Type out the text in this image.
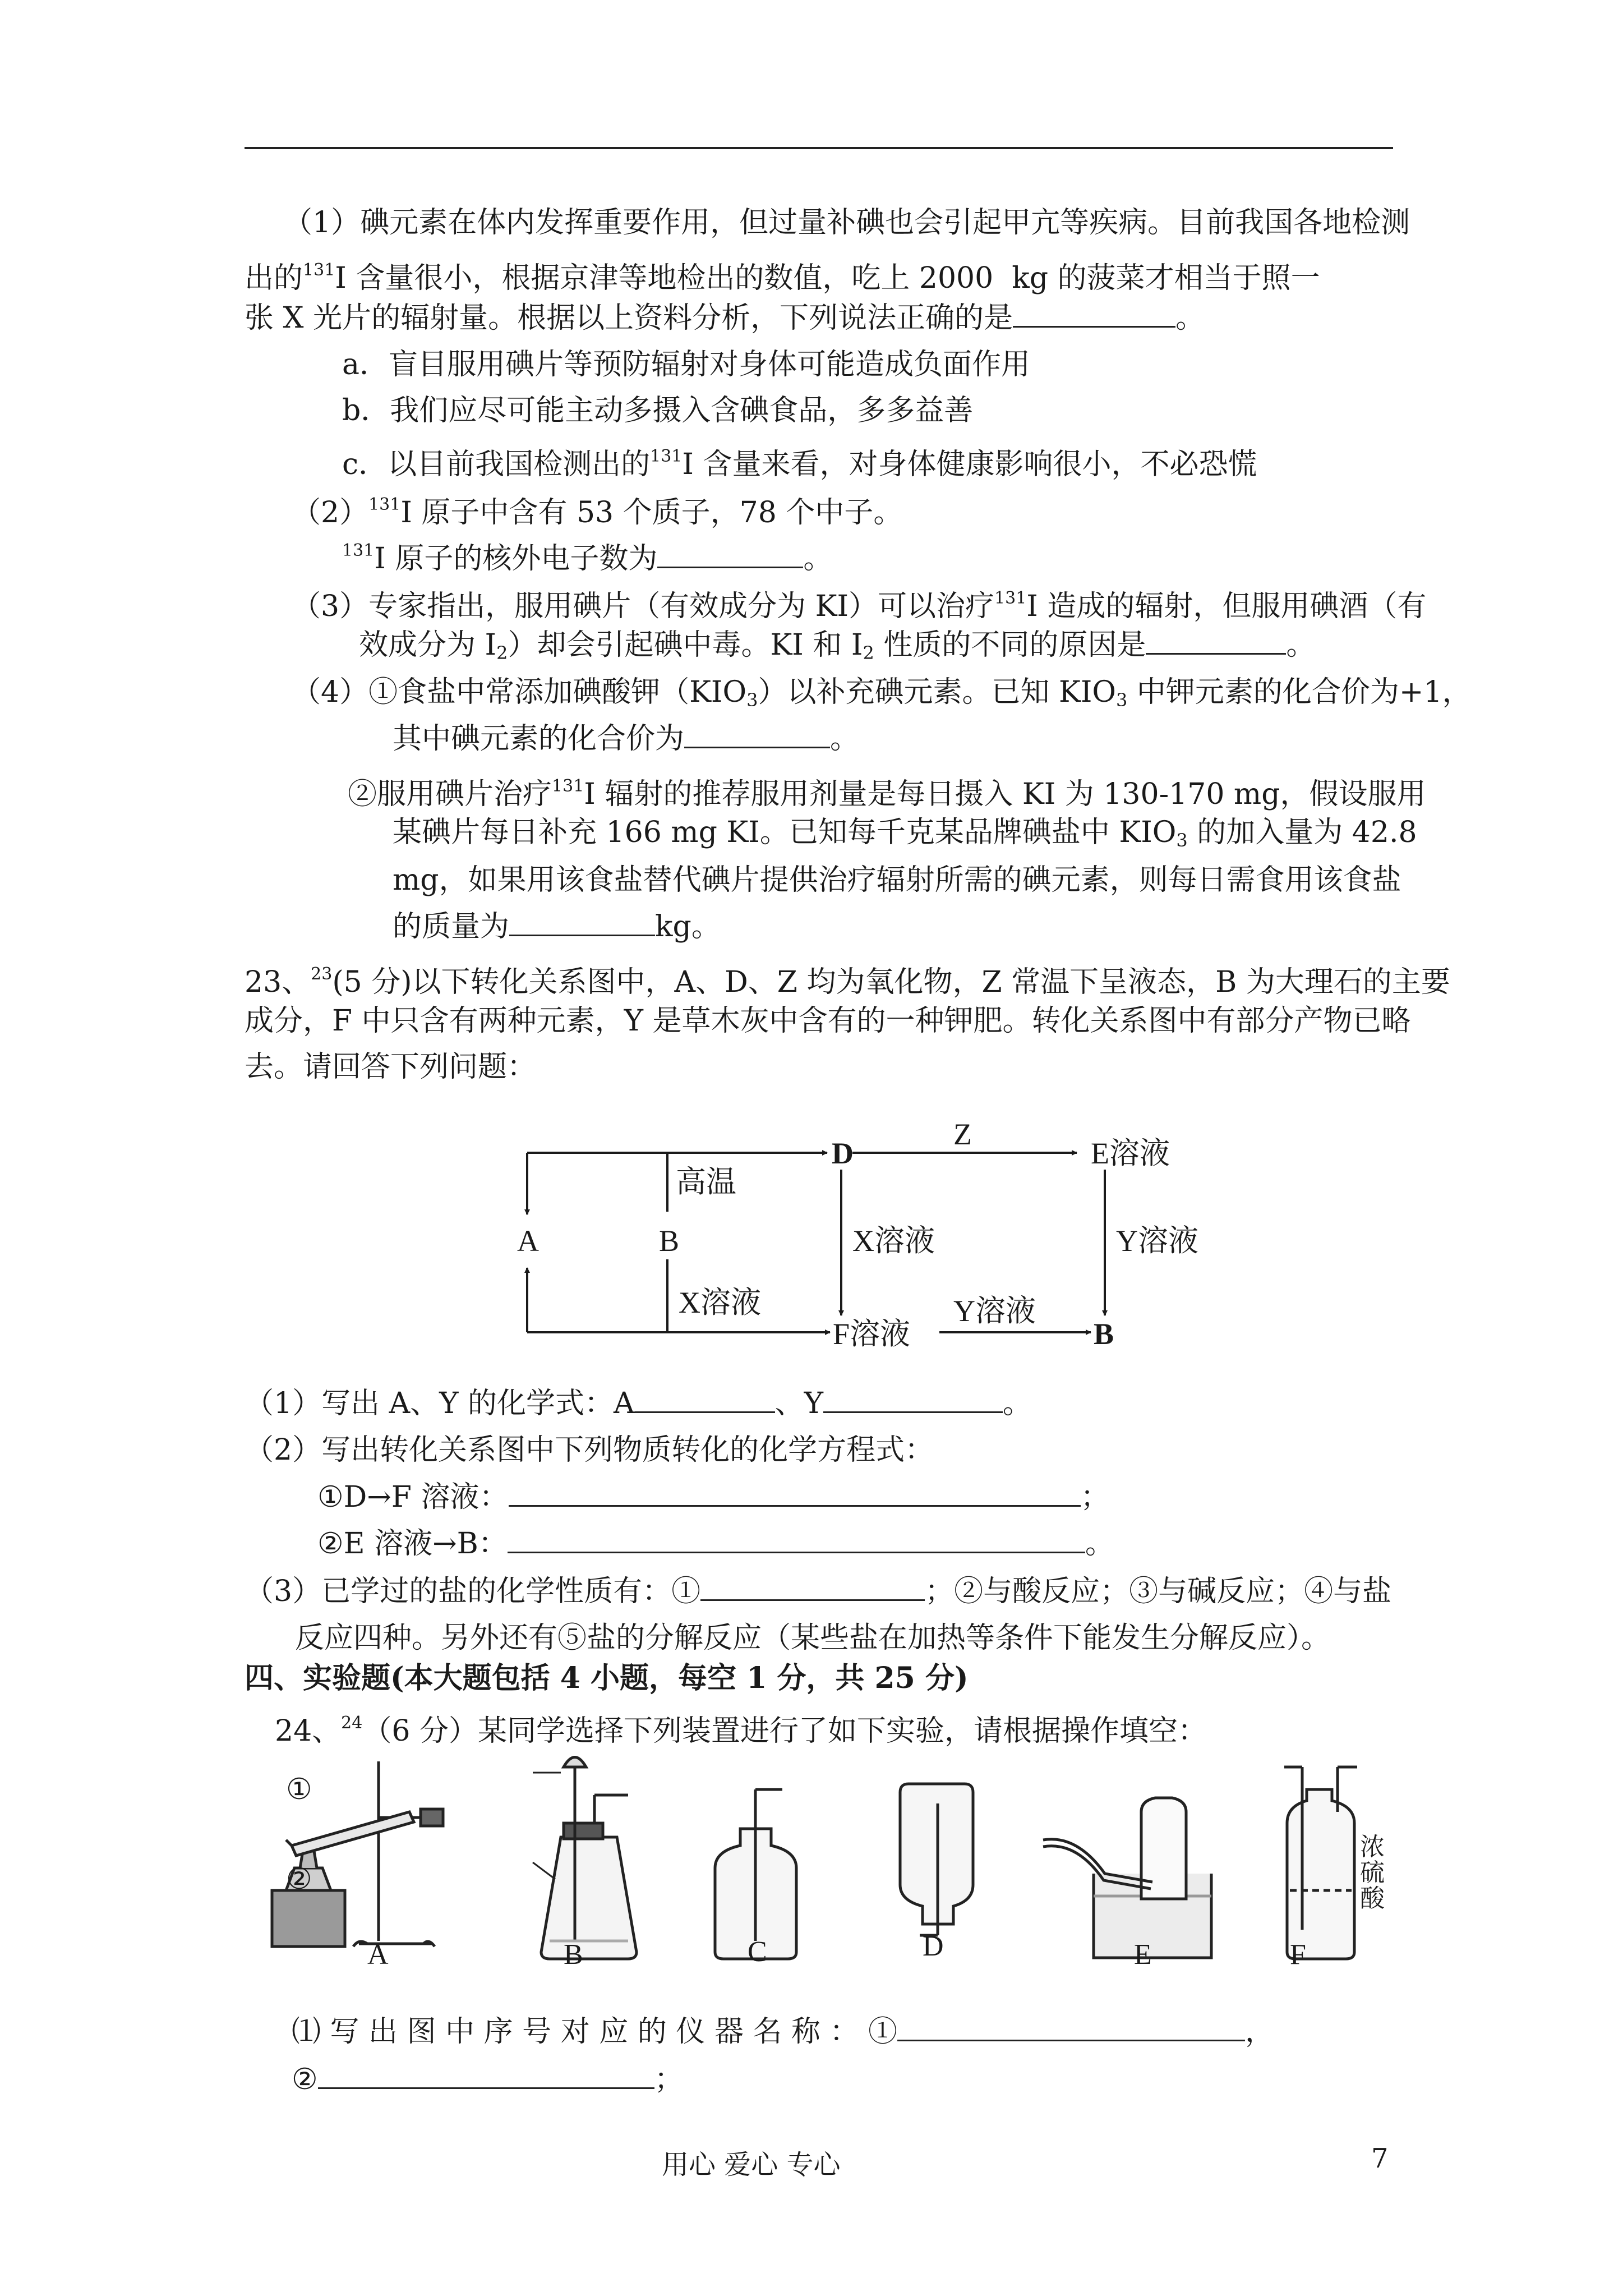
（1）碘元素在体内发挥重要作用，但过量补碘也会引起甲亢等疾病。目前我国各地检测
出的$^{131}$I 含量很小，根据京津等地检出的数值，吃上 2000  kg 的菠菜才相当于照一
张 X 光片的辐射量。根据以上资料分析，下列说法正确的是	。
a．盲目服用碘片等预防辐射对身体可能造成负面作用
b．我们应尽可能主动多摄入含碘食品，多多益善
c．以目前我国检测出的$^{131}$I 含量来看，对身体健康影响很小，不必恐慌
$(2)^{131}I$ 原子中含有 53 个质子，78 个中子。
$^{131}$I 原子的核外电子数为	。
（3）专家指出，服用碘片（有效成分为 KI）可以治疗$^{131}$I 造成的辐射，但服用碘酒（有
效成分为 $I_2$）却会引起碘中毒。KI 和 $I_2$ 性质的不同的原因是	。
（4）①食盐中常添加碘酸钾$(KIO_3)$以补充碘元素。已知 $KIO_3$ 中钾元素的化合价为+1，
其中碘元素的化合价为	。
②服用碘片治疗$^{131}$I 辐射的推荐服用剂量是每日摄入 KI 为 130-170 mg，假设服用
某碘片每日补充 166 mg KI。已知每千克某品牌碘盐中 $KIO_3$ 的加入量为 42.8
mg，如果用该食盐替代碘片提供治疗辐射所需的碘元素，则每日需食用该食盐
的质量为	kg。
23、$^{23}$(5 分)以下转化关系图中，A、D、Z 均为氧化物，Z 常温下呈液态，B 为大理石的主要
成分，F 中只含有两种元素，Y 是草木灰中含有的一种钾肥。转化关系图中有部分产物已略
去。请回答下列问题：
D
Z
E溶液
高温
A	B
X溶液
X溶液	Y溶液
F溶液
Y溶液
B
（1）写出 A、Y 的化学式：A	、Y	。
（2）写出转化关系图中下列物质转化的化学方程式：
①D→F 溶液：	；
②E 溶液→B：	。
（3）已学过的盐的化学性质有：①	；②与酸反应；③与碱反应；④与盐
反应四种。另外还有⑤盐的分解反应（某些盐在加热等条件下能发生分解反应）。
四、实验题(本大题包括 4 小题，每空 1 分，共 25 分)
24、$^{24}$（6 分）某同学选择下列装置进行了如下实验，请根据操作填空：
①
②
浓硫酸
A	B	C	D	E	F
⑴ 写 出 图 中 序 号 对 应 的 仪 器 名 称 ： ①	，
②	；
用心 爱心 专心	7
